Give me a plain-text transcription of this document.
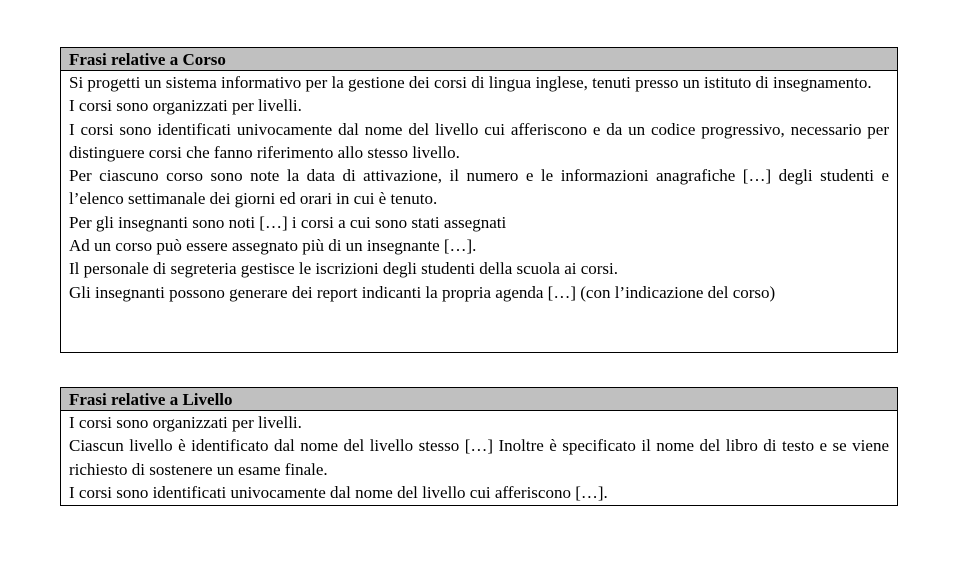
Frasi relative a Corso

Si progetti un sistema informativo per la gestione dei corsi di lingua inglese, tenuti presso un istituto di insegnamento.

I corsi sono organizzati per livelli.

I corsi sono identificati univocamente dal nome del livello cui afferiscono e da un codice progressivo, necessario per distinguere corsi che fanno riferimento allo stesso livello.

Per ciascuno corso sono note la data di attivazione, il numero e le informazioni anagrafiche […] degli studenti e l’elenco settimanale dei giorni ed orari in cui è tenuto.

Per gli insegnanti sono noti […] i corsi a cui sono stati assegnati

Ad un corso può essere assegnato più di un insegnante […].

Il personale di segreteria gestisce le iscrizioni degli studenti della scuola ai corsi.

Gli insegnanti possono generare dei report indicanti la propria agenda […] (con l’indicazione del corso)

Frasi relative a Livello

I corsi sono organizzati per livelli.

Ciascun livello è identificato dal nome del livello stesso […] Inoltre è specificato il nome del libro di testo e se viene richiesto di sostenere un esame finale.

I corsi sono identificati univocamente dal nome del livello cui afferiscono […].
